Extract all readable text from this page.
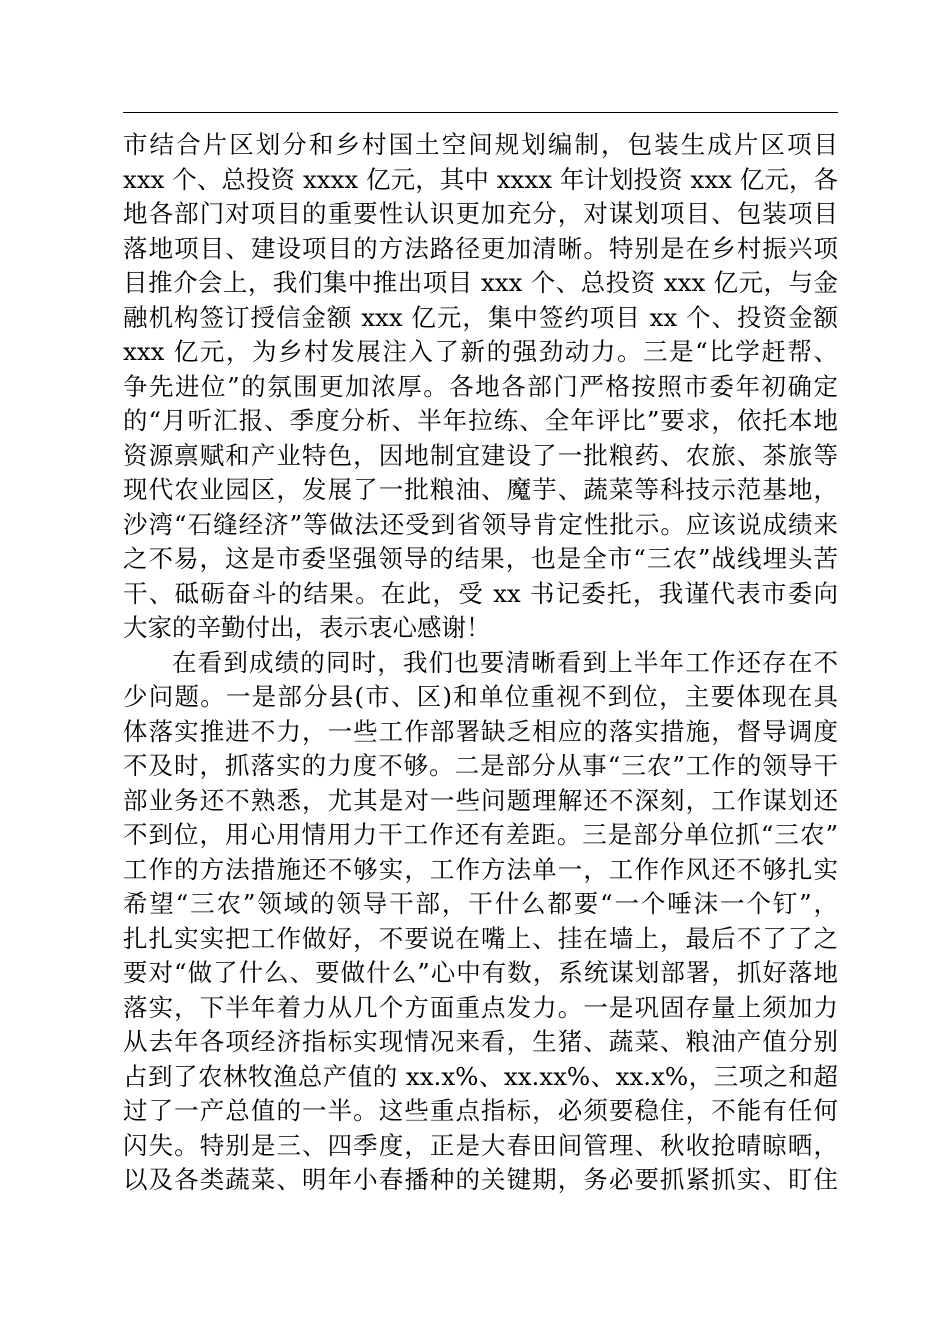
市结合片区划分和乡村国土空间规划编制，包装生成片区项目
xxx 个、总投资 xxxx 亿元，其中 xxxx 年计划投资 xxx 亿元，各
地各部门对项目的重要性认识更加充分，对谋划项目、包装项目
落地项目、建设项目的方法路径更加清晰。特别是在乡村振兴项
目推介会上，我们集中推出项目 xxx 个、总投资 xxx 亿元，与金
融机构签订授信金额 xxx 亿元，集中签约项目 xx 个、投资金额
xxx 亿元，为乡村发展注入了新的强劲动力。三是“比学赶帮、
争先进位”的氛围更加浓厚。各地各部门严格按照市委年初确定
的“月听汇报、季度分析、半年拉练、全年评比”要求，依托本地
资源禀赋和产业特色，因地制宜建设了一批粮药、农旅、茶旅等
现代农业园区，发展了一批粮油、魔芋、蔬菜等科技示范基地，
沙湾“石缝经济”等做法还受到省领导肯定性批示。应该说成绩来
之不易，这是市委坚强领导的结果，也是全市“三农”战线埋头苦
干、砥砺奋斗的结果。在此，受 xx 书记委托，我谨代表市委向
大家的辛勤付出，表示衷心感谢！
在看到成绩的同时，我们也要清晰看到上半年工作还存在不
少问题。一是部分县(市、区)和单位重视不到位，主要体现在具
体落实推进不力，一些工作部署缺乏相应的落实措施，督导调度
不及时，抓落实的力度不够。二是部分从事“三农”工作的领导干
部业务还不熟悉，尤其是对一些问题理解还不深刻，工作谋划还
不到位，用心用情用力干工作还有差距。三是部分单位抓“三农”
工作的方法措施还不够实，工作方法单一，工作作风还不够扎实
希望“三农”领域的领导干部，干什么都要“一个唾沫一个钉”，
扎扎实实把工作做好，不要说在嘴上、挂在墙上，最后不了了之
要对“做了什么、要做什么”心中有数，系统谋划部署，抓好落地
落实，下半年着力从几个方面重点发力。一是巩固存量上须加力
从去年各项经济指标实现情况来看，生猪、蔬菜、粮油产值分别
占到了农林牧渔总产值的 xx.x%、xx.xx%、xx.x%，三项之和超
过了一产总值的一半。这些重点指标，必须要稳住，不能有任何
闪失。特别是三、四季度，正是大春田间管理、秋收抢晴晾晒，
以及各类蔬菜、明年小春播种的关键期，务必要抓紧抓实、盯住
